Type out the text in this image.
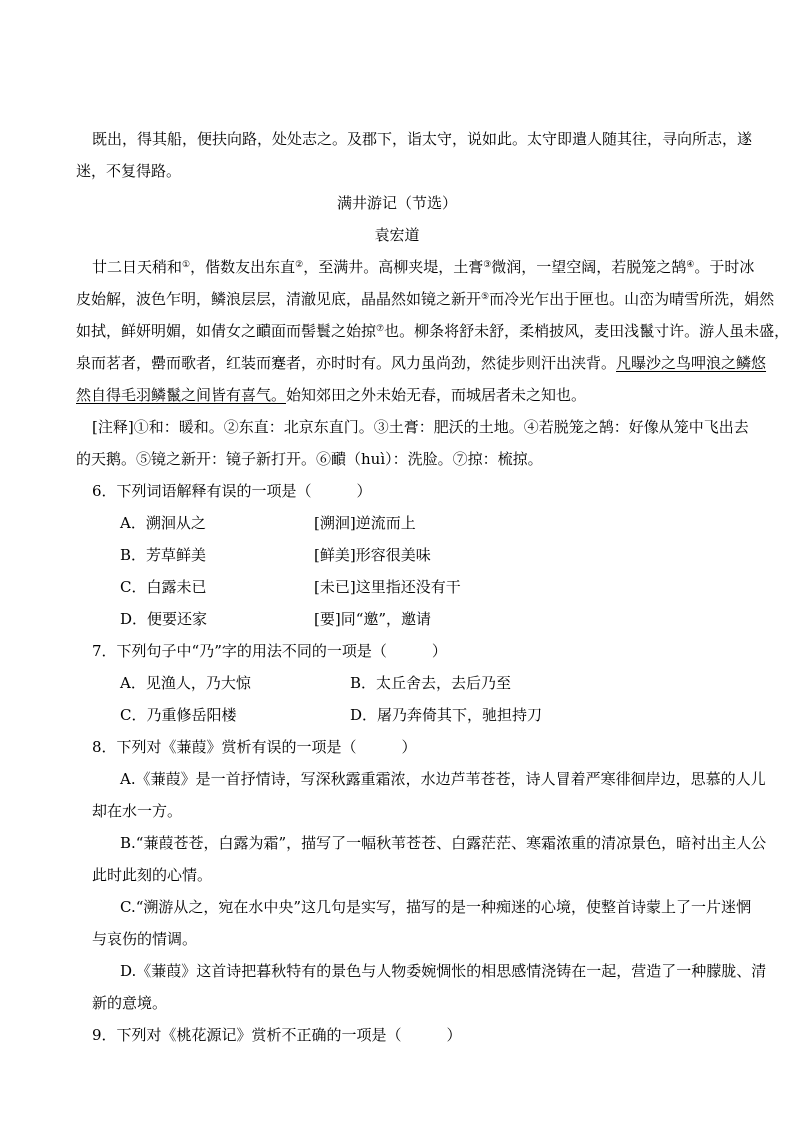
既出，得其船，便扶向路，处处志之。及郡下，诣太守，说如此。太守即遣人随其往，寻向所志，遂
迷，不复得路。
满井游记（节选）
袁宏道
廿二日天稍和①，偕数友出东直②，至满井。高柳夹堤，土膏③微润，一望空阔，若脱笼之鹄④。于时冰
皮始解，波色乍明，鳞浪层层，清澈见底，晶晶然如镜之新开⑤而冷光乍出于匣也。山峦为晴雪所洗，娟然
如拭，鲜妍明媚，如倩女之靧面而髻鬟之始掠⑦也。柳条将舒未舒，柔梢披风，麦田浅鬣寸许。游人虽未盛，
泉而茗者，罍而歌者，红装而蹇者，亦时时有。风力虽尚劲，然徒步则汗出浃背。凡曝沙之鸟呷浪之鳞悠
然自得毛羽鳞鬣之间皆有喜气。始知郊田之外未始无春，而城居者未之知也。
[注释]①和：暖和。②东直：北京东直门。③土膏：肥沃的土地。④若脱笼之鹄：好像从笼中飞出去
的天鹅。⑤镜之新开：镜子新打开。⑥靧（huì）：洗脸。⑦掠：梳掠。
6．下列词语解释有误的一项是（　　　）
A．溯洄从之	[溯洄]逆流而上
B．芳草鲜美	[鲜美]形容很美味
C．白露未已	[未已]这里指还没有干
D．便要还家	[要]同“邀”，邀请
7．下列句子中“乃”字的用法不同的一项是（　　　）
A．见渔人，乃大惊	B．太丘舍去，去后乃至
C．乃重修岳阳楼	D．屠乃奔倚其下，驰担持刀
8．下列对《蒹葭》赏析有误的一项是（　　　）
A.《蒹葭》是一首抒情诗，写深秋露重霜浓，水边芦苇苍苍，诗人冒着严寒徘徊岸边，思慕的人儿
却在水一方。
B.“蒹葭苍苍，白露为霜”，描写了一幅秋苇苍苍、白露茫茫、寒霜浓重的清凉景色，暗衬出主人公
此时此刻的心情。
C.“溯游从之，宛在水中央”这几句是实写，描写的是一种痴迷的心境，使整首诗蒙上了一片迷惘
与哀伤的情调。
D.《蒹葭》这首诗把暮秋特有的景色与人物委婉惆怅的相思感情浇铸在一起，营造了一种朦胧、清
新的意境。
9．下列对《桃花源记》赏析不正确的一项是（　　　）
